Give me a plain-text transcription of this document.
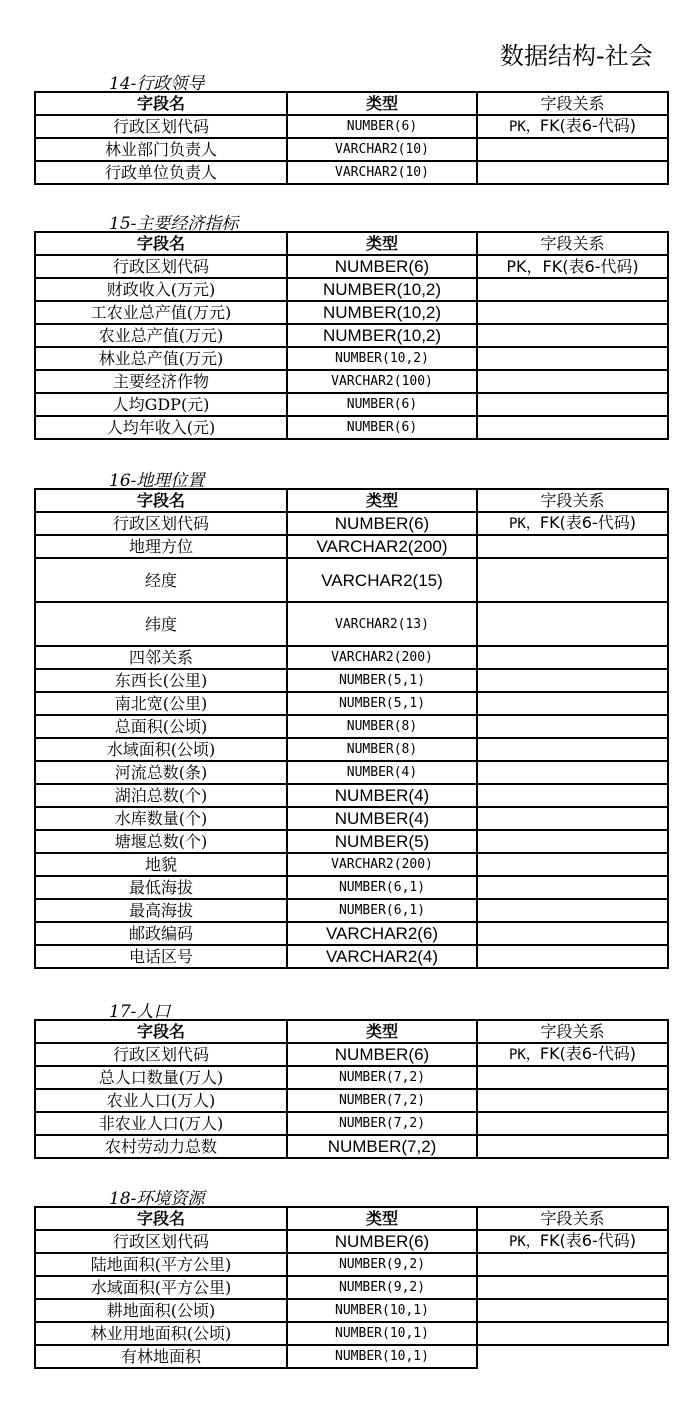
数据结构-社会
14-行政领导
字段名	类型	字段关系
行政区划代码	NUMBER(6)	PK，FK(表6-代码)
林业部门负责人	VARCHAR2(10)	
行政单位负责人	VARCHAR2(10)	
15-主要经济指标
字段名	类型	字段关系
行政区划代码	NUMBER(6)	PK，FK(表6-代码)
财政收入(万元)	NUMBER(10,2)	
工农业总产值(万元)	NUMBER(10,2)	
农业总产值(万元)	NUMBER(10,2)	
林业总产值(万元)	NUMBER(10,2)	
主要经济作物	VARCHAR2(100)	
人均GDP(元)	NUMBER(6)	
人均年收入(元)	NUMBER(6)	
16-地理位置
字段名	类型	字段关系
行政区划代码	NUMBER(6)	PK，FK(表6-代码)
地理方位	VARCHAR2(200)	
经度	VARCHAR2(15)	
纬度	VARCHAR2(13)	
四邻关系	VARCHAR2(200)	
东西长(公里)	NUMBER(5,1)	
南北宽(公里)	NUMBER(5,1)	
总面积(公顷)	NUMBER(8)	
水域面积(公顷)	NUMBER(8)	
河流总数(条)	NUMBER(4)	
湖泊总数(个)	NUMBER(4)	
水库数量(个)	NUMBER(4)	
塘堰总数(个)	NUMBER(5)	
地貌	VARCHAR2(200)	
最低海拔	NUMBER(6,1)	
最高海拔	NUMBER(6,1)	
邮政编码	VARCHAR2(6)	
电话区号	VARCHAR2(4)	
17-人口
字段名	类型	字段关系
行政区划代码	NUMBER(6)	PK，FK(表6-代码)
总人口数量(万人)	NUMBER(7,2)	
农业人口(万人)	NUMBER(7,2)	
非农业人口(万人)	NUMBER(7,2)	
农村劳动力总数	NUMBER(7,2)	
18-环境资源
字段名	类型	字段关系
行政区划代码	NUMBER(6)	PK，FK(表6-代码)
陆地面积(平方公里)	NUMBER(9,2)	
水域面积(平方公里)	NUMBER(9,2)	
耕地面积(公顷)	NUMBER(10,1)	
林业用地面积(公顷)	NUMBER(10,1)	
有林地面积	NUMBER(10,1)	
